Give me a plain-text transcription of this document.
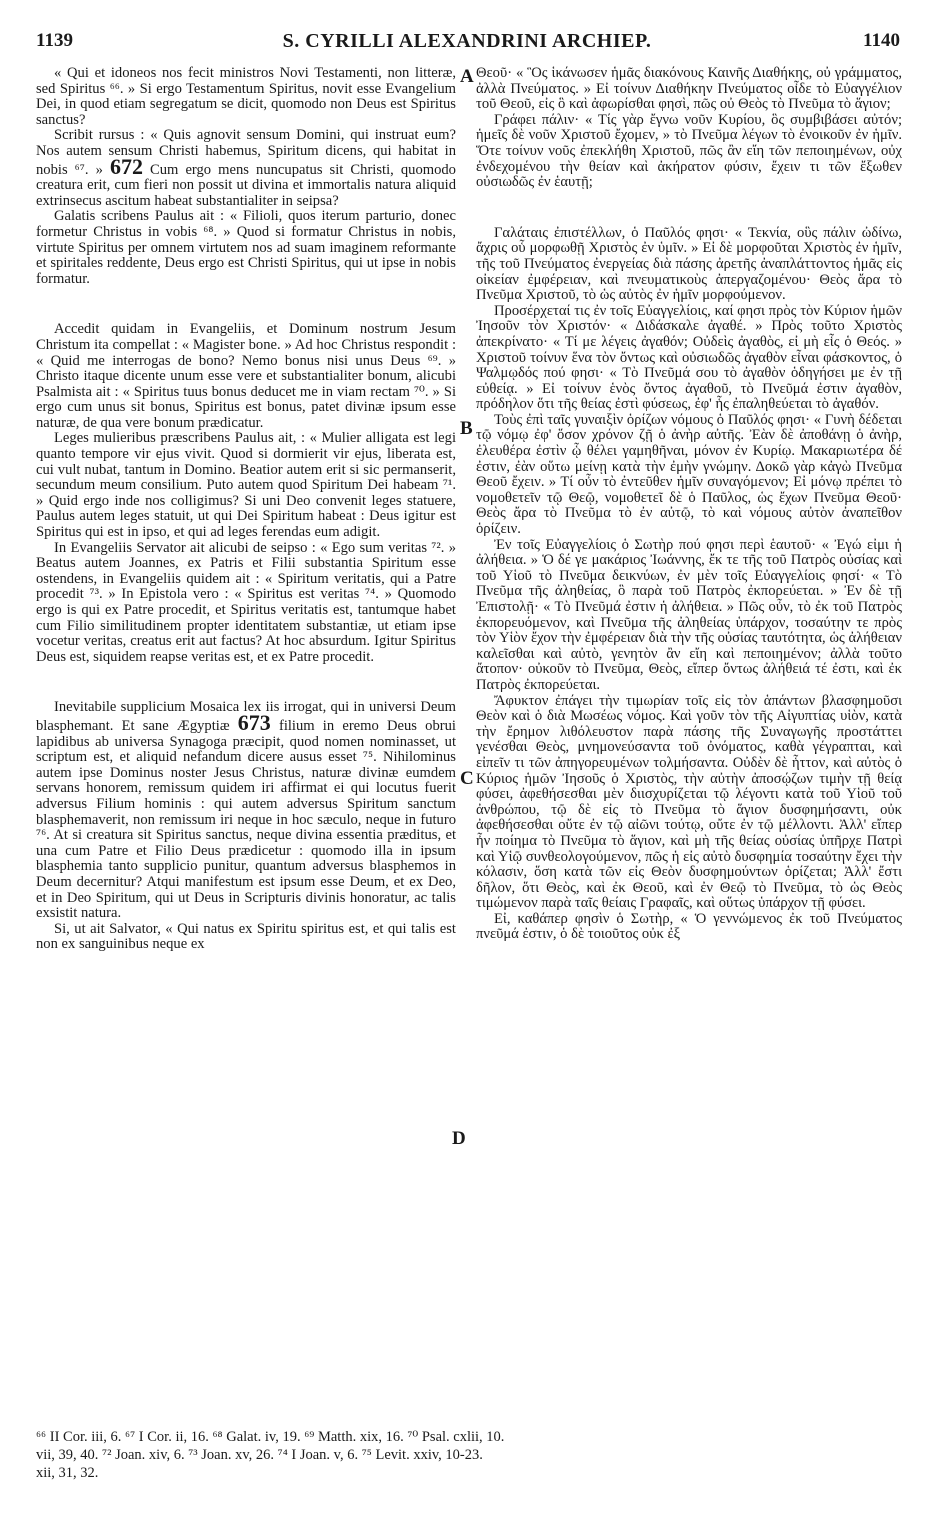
1139	S. CYRILLI ALEXANDRINI ARCHIEP.	1140

« Qui et idoneos nos fecit ministros Novi Testamenti, non litteræ, sed Spiritus ⁶⁶. » Si ergo Testamentum Spiritus, novit esse Evangelium Dei, in quod etiam segregatum se dicit, quomodo non Deus est Spiritus sanctus?

Scribit rursus : « Quis agnovit sensum Domini, qui instruat eum? Nos autem sensum Christi habemus, Spiritum dicens, qui habitat in nobis ⁶⁷. » 672 Cum ergo mens nuncupatus sit Christi, quomodo creatura erit, cum fieri non possit ut divina et immortalis natura aliquid extrinsecus ascitum habeat substantialiter in seipsa?

Galatis scribens Paulus ait : « Filioli, quos iterum parturio, donec formetur Christus in vobis ⁶⁸. » Quod si formatur Christus in nobis, virtute Spiritus per omnem virtutem nos ad suam imaginem reformante et spiritales reddente, Deus ergo est Christi Spiritus, qui ut ipse in nobis formatur.

Accedit quidam in Evangeliis, et Dominum nostrum Jesum Christum ita compellat : « Magister bone. » Ad hoc Christus respondit : « Quid me interrogas de bono? Nemo bonus nisi unus Deus ⁶⁹. » Christo itaque dicente unum esse vere et substantialiter bonum, alicubi Psalmista ait : « Spiritus tuus bonus deducet me in viam rectam ⁷⁰. » Si ergo cum unus sit bonus, Spiritus est bonus, patet divinæ ipsum esse naturæ, de qua vere bonum prædicatur.

Leges mulieribus præscribens Paulus ait, : « Mulier alligata est legi quanto tempore vir ejus vivit. Quod si dormierit vir ejus, liberata est, cui vult nubat, tantum in Domino. Beatior autem erit si sic permanserit, secundum meum consilium. Puto autem quod Spiritum Dei habeam ⁷¹. » Quid ergo inde nos colligimus? Si uni Deo convenit leges statuere, Paulus autem leges statuit, ut qui Dei Spiritum habeat : Deus igitur est Spiritus qui est in ipso, et qui ad leges ferendas eum adigit.

In Evangeliis Servator ait alicubi de seipso : « Ego sum veritas ⁷². » Beatus autem Joannes, ex Patris et Filii substantia Spiritum esse ostendens, in Evangeliis quidem ait : « Spiritum veritatis, qui a Patre procedit ⁷³. » In Epistola vero : « Spiritus est veritas ⁷⁴. » Quomodo ergo is qui ex Patre procedit, et Spiritus veritatis est, tantumque habet cum Filio similitudinem propter identitatem substantiæ, ut etiam ipse vocetur veritas, creatus erit aut factus? At hoc absurdum. Igitur Spiritus Deus est, siquidem reapse veritas est, et ex Patre procedit.

Inevitabile supplicium Mosaica lex iis irrogat, qui in universi Deum blasphemant. Et sane Ægyptiæ 673 filium in eremo Deus obrui lapidibus ab universa Synagoga præcipit, quod nomen nominasset, ut scriptum est, et aliquid nefandum dicere ausus esset ⁷⁵. Nihilominus autem ipse Dominus noster Jesus Christus, naturæ divinæ eumdem servans honorem, remissum quidem iri affirmat ei qui locutus fuerit adversus Filium hominis : qui autem adversus Spiritum sanctum blasphemaverit, non remissum iri neque in hoc sæculo, neque in futuro ⁷⁶. At si creatura sit Spiritus sanctus, neque divina essentia præditus, et una cum Patre et Filio Deus prædicetur : quomodo illa in ipsum blasphemia tanto supplicio punitur, quantum adversus blasphemos in Deum decernitur? Atqui manifestum est ipsum esse Deum, et ex Deo, et in Deo Spiritum, qui ut Deus in Scripturis divinis honoratur, ac talis exsistit natura.

Si, ut ait Salvator, « Qui natus ex Spiritu spiritus est, et qui talis est non ex sanguinibus neque ex

A
B
C
D

Θεοῦ· « Ὃς ἱκάνωσεν ἡμᾶς διακόνους Καινῆς Διαθήκης, οὐ γράμματος, ἀλλὰ Πνεύματος. » Εἰ τοίνυν Διαθήκην Πνεύματος οἶδε τὸ Εὐαγγέλιον τοῦ Θεοῦ, εἰς ὃ καὶ ἀφωρίσθαι φησὶ, πῶς οὐ Θεὸς τὸ Πνεῦμα τὸ ἅγιον;

Γράφει πάλιν· « Τίς γὰρ ἔγνω νοῦν Κυρίου, ὃς συμβιβάσει αὐτόν; ἡμεῖς δὲ νοῦν Χριστοῦ ἔχομεν, » τὸ Πνεῦμα λέγων τὸ ἐνοικοῦν ἐν ἡμῖν. Ὅτε τοίνυν νοῦς ἐπεκλήθη Χριστοῦ, πῶς ἂν εἴη τῶν πεποιημένων, οὐχ ἐνδεχομένου τὴν θείαν καὶ ἀκήρατον φύσιν, ἔχειν τι τῶν ἔξωθεν οὐσιωδῶς ἐν ἑαυτῇ;

Γαλάταις ἐπιστέλλων, ὁ Παῦλός φησι· « Τεκνία, οὓς πάλιν ὠδίνω, ἄχρις οὗ μορφωθῇ Χριστὸς ἐν ὑμῖν. » Εἰ δὲ μορφοῦται Χριστὸς ἐν ἡμῖν, τῆς τοῦ Πνεύματος ἐνεργείας διὰ πάσης ἀρετῆς ἀναπλάττοντος ἡμᾶς εἰς οἰκείαν ἐμφέρειαν, καὶ πνευματικοὺς ἀπεργαζομένου· Θεὸς ἄρα τὸ Πνεῦμα Χριστοῦ, τὸ ὡς αὐτὸς ἐν ἡμῖν μορφούμενον.

Προσέρχεταί τις ἐν τοῖς Εὐαγγελίοις, καί φησι πρὸς τὸν Κύριον ἡμῶν Ἰησοῦν τὸν Χριστόν· « Διδάσκαλε ἀγαθέ. » Πρὸς τοῦτο Χριστὸς ἀπεκρίνατο· « Τί με λέγεις ἀγαθόν; Οὐδεὶς ἀγαθὸς, εἰ μὴ εἷς ὁ Θεός. » Χριστοῦ τοίνυν ἕνα τὸν ὄντως καὶ οὐσιωδῶς ἀγαθὸν εἶναι φάσκοντος, ὁ Ψαλμῳδός πού φησι· « Τὸ Πνεῦμά σου τὸ ἀγαθὸν ὁδηγήσει με ἐν τῇ εὐθείᾳ. » Εἰ τοίνυν ἑνὸς ὄντος ἀγαθοῦ, τὸ Πνεῦμά ἐστιν ἀγαθὸν, πρόδηλον ὅτι τῆς θείας ἐστὶ φύσεως, ἐφ' ἧς ἐπαληθεύεται τὸ ἀγαθόν.

Τοὺς ἐπὶ ταῖς γυναιξὶν ὁρίζων νόμους ὁ Παῦλός φησι· « Γυνὴ δέδεται τῷ νόμῳ ἐφ' ὅσον χρόνον ζῇ ὁ ἀνὴρ αὐτῆς. Ἐὰν δὲ ἀποθάνῃ ὁ ἀνὴρ, ἐλευθέρα ἐστὶν ᾧ θέλει γαμηθῆναι, μόνον ἐν Κυρίῳ. Μακαριωτέρα δέ ἐστιν, ἐὰν οὕτω μείνῃ κατὰ τὴν ἐμὴν γνώμην. Δοκῶ γὰρ κἀγὼ Πνεῦμα Θεοῦ ἔχειν. » Τί οὖν τὸ ἐντεῦθεν ἡμῖν συναγόμενον; Εἰ μόνῳ πρέπει τὸ νομοθετεῖν τῷ Θεῷ, νομοθετεῖ δὲ ὁ Παῦλος, ὡς ἔχων Πνεῦμα Θεοῦ· Θεὸς ἄρα τὸ Πνεῦμα τὸ ἐν αὐτῷ, τὸ καὶ νόμους αὐτὸν ἀναπεῖθον ὁρίζειν.

Ἐν τοῖς Εὐαγγελίοις ὁ Σωτὴρ πού φησι περὶ ἑαυτοῦ· « Ἐγώ εἰμι ἡ ἀλήθεια. » Ὁ δέ γε μακάριος Ἰωάννης, ἔκ τε τῆς τοῦ Πατρὸς οὐσίας καὶ τοῦ Υἱοῦ τὸ Πνεῦμα δεικνύων, ἐν μὲν τοῖς Εὐαγγελίοις φησί· « Τὸ Πνεῦμα τῆς ἀληθείας, ὃ παρὰ τοῦ Πατρὸς ἐκπορεύεται. » Ἐν δὲ τῇ Ἐπιστολῇ· « Τὸ Πνεῦμά ἐστιν ἡ ἀλήθεια. » Πῶς οὖν, τὸ ἐκ τοῦ Πατρὸς ἐκπορευόμενον, καὶ Πνεῦμα τῆς ἀληθείας ὑπάρχον, τοσαύτην τε πρὸς τὸν Υἱὸν ἔχον τὴν ἐμφέρειαν διὰ τὴν τῆς οὐσίας ταυτότητα, ὡς ἀλήθειαν καλεῖσθαι καὶ αὐτὸ, γενητὸν ἂν εἴη καὶ πεποιημένον; ἀλλὰ τοῦτο ἄτοπον· οὐκοῦν τὸ Πνεῦμα, Θεὸς, εἴπερ ὄντως ἀλήθειά τέ ἐστι, καὶ ἐκ Πατρὸς ἐκπορεύεται.

Ἄφυκτον ἐπάγει τὴν τιμωρίαν τοῖς εἰς τὸν ἁπάντων βλασφημοῦσι Θεὸν καὶ ὁ διὰ Μωσέως νόμος. Καὶ γοῦν τὸν τῆς Αἰγυπτίας υἱὸν, κατὰ τὴν ἔρημον λιθόλευστον παρὰ πάσης τῆς Συναγωγῆς προστάττει γενέσθαι Θεὸς, μνημονεύσαντα τοῦ ὀνόματος, καθὰ γέγραπται, καὶ εἰπεῖν τι τῶν ἀπηγορευμένων τολμήσαντα. Οὐδὲν δὲ ἧττον, καὶ αὐτὸς ὁ Κύριος ἡμῶν Ἰησοῦς ὁ Χριστὸς, τὴν αὐτὴν ἀποσῴζων τιμὴν τῇ θείᾳ φύσει, ἀφεθήσεσθαι μὲν διισχυρίζεται τῷ λέγοντι κατὰ τοῦ Υἱοῦ τοῦ ἀνθρώπου, τῷ δὲ εἰς τὸ Πνεῦμα τὸ ἅγιον δυσφημήσαντι, οὐκ ἀφεθήσεσθαι οὔτε ἐν τῷ αἰῶνι τούτῳ, οὔτε ἐν τῷ μέλλοντι. Ἀλλ' εἴπερ ἦν ποίημα τὸ Πνεῦμα τὸ ἅγιον, καὶ μὴ τῆς θείας οὐσίας ὑπῆρχε Πατρὶ καὶ Υἱῷ συνθεολογούμενον, πῶς ἡ εἰς αὐτὸ δυσφημία τοσαύτην ἔχει τὴν κόλασιν, ὅση κατὰ τῶν εἰς Θεὸν δυσφημούντων ὁρίζεται; Ἀλλ' ἔστι δῆλον, ὅτι Θεὸς, καὶ ἐκ Θεοῦ, καὶ ἐν Θεῷ τὸ Πνεῦμα, τὸ ὡς Θεὸς τιμώμενον παρὰ ταῖς θείαις Γραφαῖς, καὶ οὕτως ὑπάρχον τῇ φύσει.

Εἰ, καθάπερ φησὶν ὁ Σωτὴρ, « Ὁ γεννώμενος ἐκ τοῦ Πνεύματος πνεῦμά ἐστιν, ὁ δὲ τοιοῦτος οὐκ ἐξ

⁶⁶ II Cor. iii, 6. ⁶⁷ I Cor. ii, 16. ⁶⁸ Galat. iv, 19. ⁶⁹ Matth. xix, 16. ⁷⁰ Psal. cxlii, 10.

vii, 39, 40. ⁷² Joan. xiv, 6. ⁷³ Joan. xv, 26. ⁷⁴ I Joan. v, 6. ⁷⁵ Levit. xxiv, 10-23.

xii, 31, 32.
